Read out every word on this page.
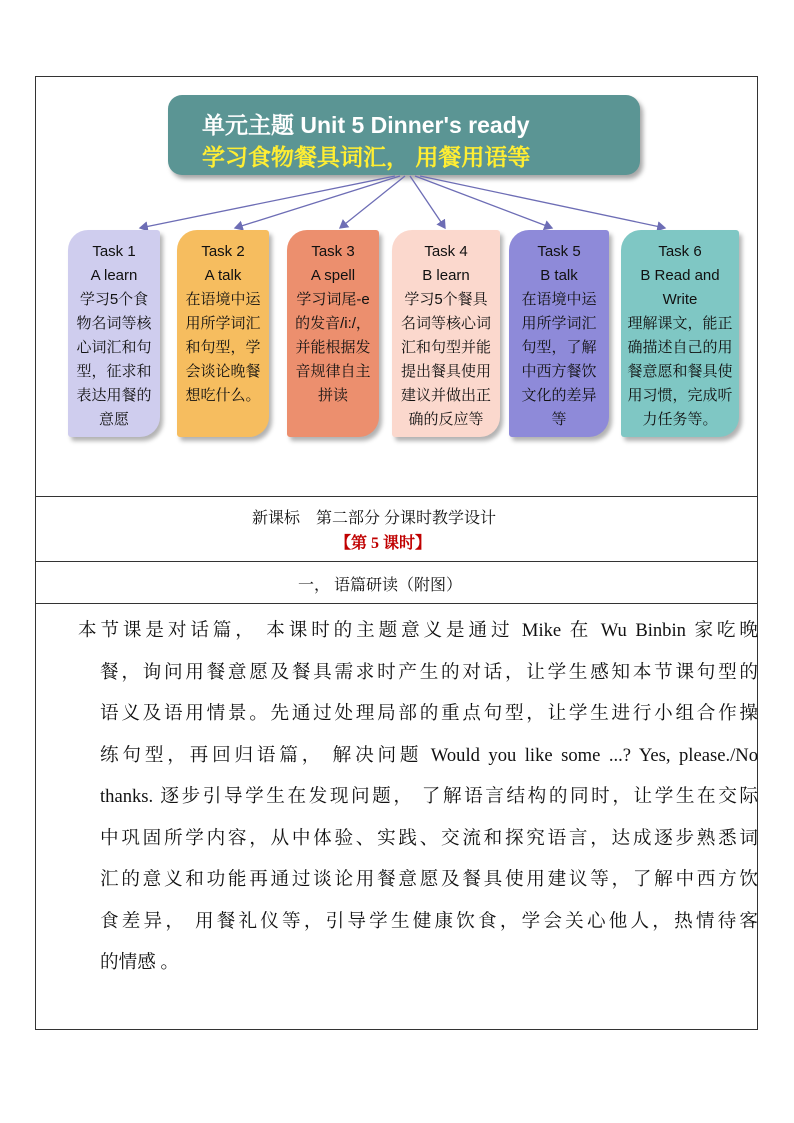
单元主题 Unit 5 Dinner's ready
学习食物餐具词汇， 用餐用语等
Task 1
A learn
学习5个食
物名词等核
心词汇和句
型，征求和
表达用餐的
意愿
Task 2
A talk
在语境中运
用所学词汇
和句型，学
会谈论晚餐
想吃什么。
Task 3
A spell
学习词尾-e
的发音/i:/，
并能根据发
音规律自主
拼读
Task 4
B learn
学习5个餐具
名词等核心词
汇和句型并能
提出餐具使用
建议并做出正
确的反应等
Task 5
B talk
在语境中运
用所学词汇
句型，了解
中西方餐饮
文化的差异
等
Task 6
B Read and
Write
理解课文，能正
确描述自己的用
餐意愿和餐具使
用习惯，完成听
力任务等。
新课标　第二部分 分课时教学设计
【第 5 课时】
一， 语篇研读（附图）

本节课是对话篇， 本课时的主题意义是通过 Mike 在 Wu Binbin 家吃晚

餐，询问用餐意愿及餐具需求时产生的对话，让学生感知本节课句型的

语义及语用情景。先通过处理局部的重点句型，让学生进行小组合作操

练句型，再回归语篇， 解决问题 Would you like some ...? Yes, please./No

thanks. 逐步引导学生在发现问题， 了解语言结构的同时，让学生在交际

中巩固所学内容，从中体验、实践、交流和探究语言，达成逐步熟悉词

汇的意义和功能再通过谈论用餐意愿及餐具使用建议等，了解中西方饮

食差异， 用餐礼仪等，引导学生健康饮食，学会关心他人，热情待客

的情感 。
